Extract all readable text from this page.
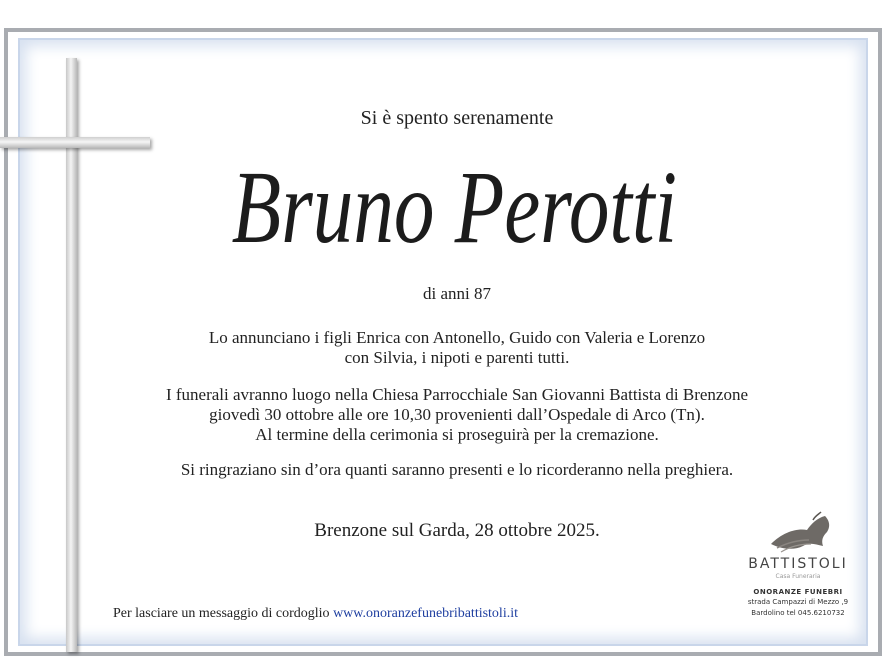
Si è spento serenamente
Bruno Perotti
di anni 87
Lo annunciano i figli Enrica con Antonello, Guido con Valeria e Lorenzo
con Silvia, i nipoti e parenti tutti.
I funerali avranno luogo nella Chiesa Parrocchiale San Giovanni Battista di Brenzone
giovedì 30 ottobre alle ore 10,30 provenienti dall’Ospedale di Arco (Tn).
Al termine della cerimonia si proseguirà per la cremazione.
Si ringraziano sin d’ora quanti saranno presenti e lo ricorderanno nella preghiera.
Brenzone sul Garda, 28 ottobre 2025.
Per lasciare un messaggio di cordoglio www.onoranzefunebribattistoli.it
BATTISTOLI
Casa Funeraria
ONORANZE FUNEBRI
strada Campazzi di Mezzo ,9
Bardolino tel 045.6210732
